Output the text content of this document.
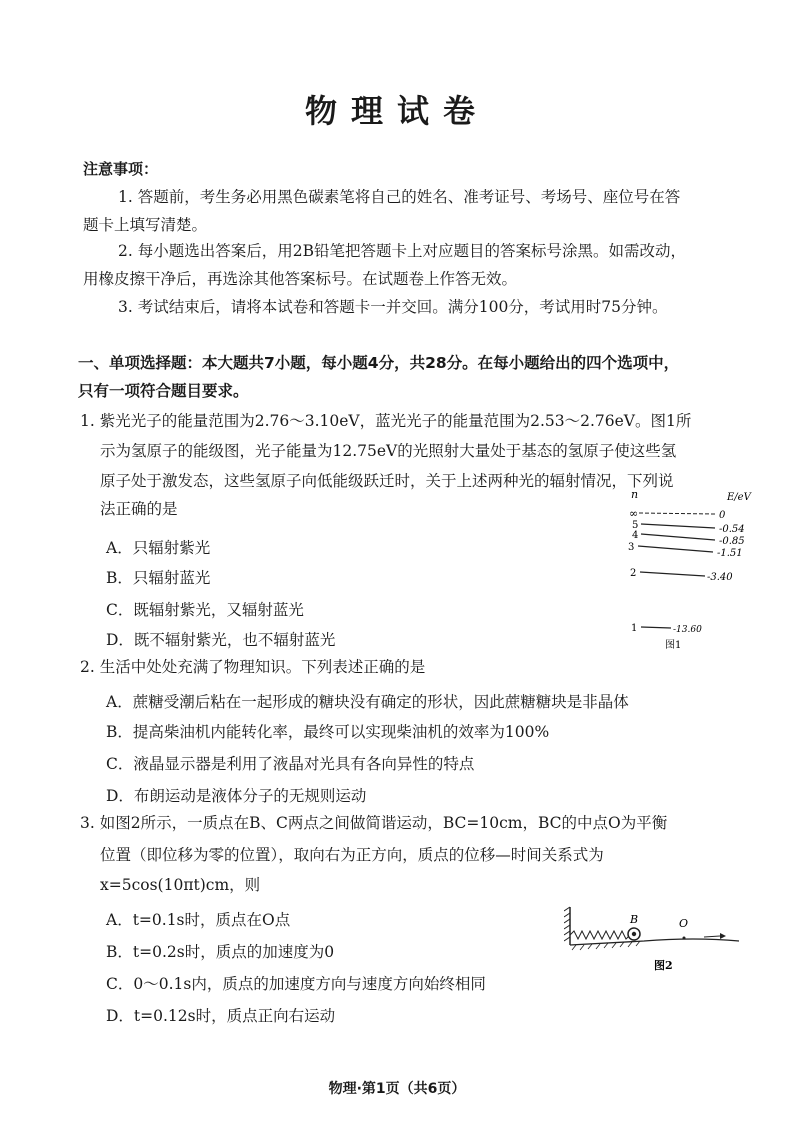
物理试卷
注意事项：
1. 答题前，考生务必用黑色碳素笔将自己的姓名、准考证号、考场号、座位号在答
题卡上填写清楚。
2. 每小题选出答案后，用2B铅笔把答题卡上对应题目的答案标号涂黑。如需改动，
用橡皮擦干净后，再选涂其他答案标号。在试题卷上作答无效。
3. 考试结束后，请将本试卷和答题卡一并交回。满分100分，考试用时75分钟。
一、单项选择题：本大题共7小题，每小题4分，共28分。在每小题给出的四个选项中，
只有一项符合题目要求。
1. 紫光光子的能量范围为2.76～3.10eV，蓝光光子的能量范围为2.53～2.76eV。图1所
示为氢原子的能级图，光子能量为12.75eV的光照射大量处于基态的氢原子使这些氢
原子处于激发态，这些氢原子向低能级跃迁时，关于上述两种光的辐射情况，下列说
法正确的是
A．只辐射紫光
B．只辐射蓝光
C．既辐射紫光，又辐射蓝光
D．既不辐射紫光，也不辐射蓝光
n	E/eV
∞	0
5	-0.54
4
-0.85
3
-1.51
2	-3.40
1	-13.60
图1
2. 生活中处处充满了物理知识。下列表述正确的是
A．蔗糖受潮后粘在一起形成的糖块没有确定的形状，因此蔗糖糖块是非晶体
B．提高柴油机内能转化率，最终可以实现柴油机的效率为100%
C．液晶显示器是利用了液晶对光具有各向异性的特点
D．布朗运动是液体分子的无规则运动
3. 如图2所示，一质点在B、C两点之间做简谐运动，BC=10cm，BC的中点O为平衡
位置（即位移为零的位置），取向右为正方向，质点的位移—时间关系式为
x=5cos(10πt)cm，则
A．t=0.1s时，质点在O点
B．t=0.2s时，质点的加速度为0
C．0～0.1s内，质点的加速度方向与速度方向始终相同
D．t=0.12s时，质点正向右运动
B	O
图2
物理·第1页（共6页）
